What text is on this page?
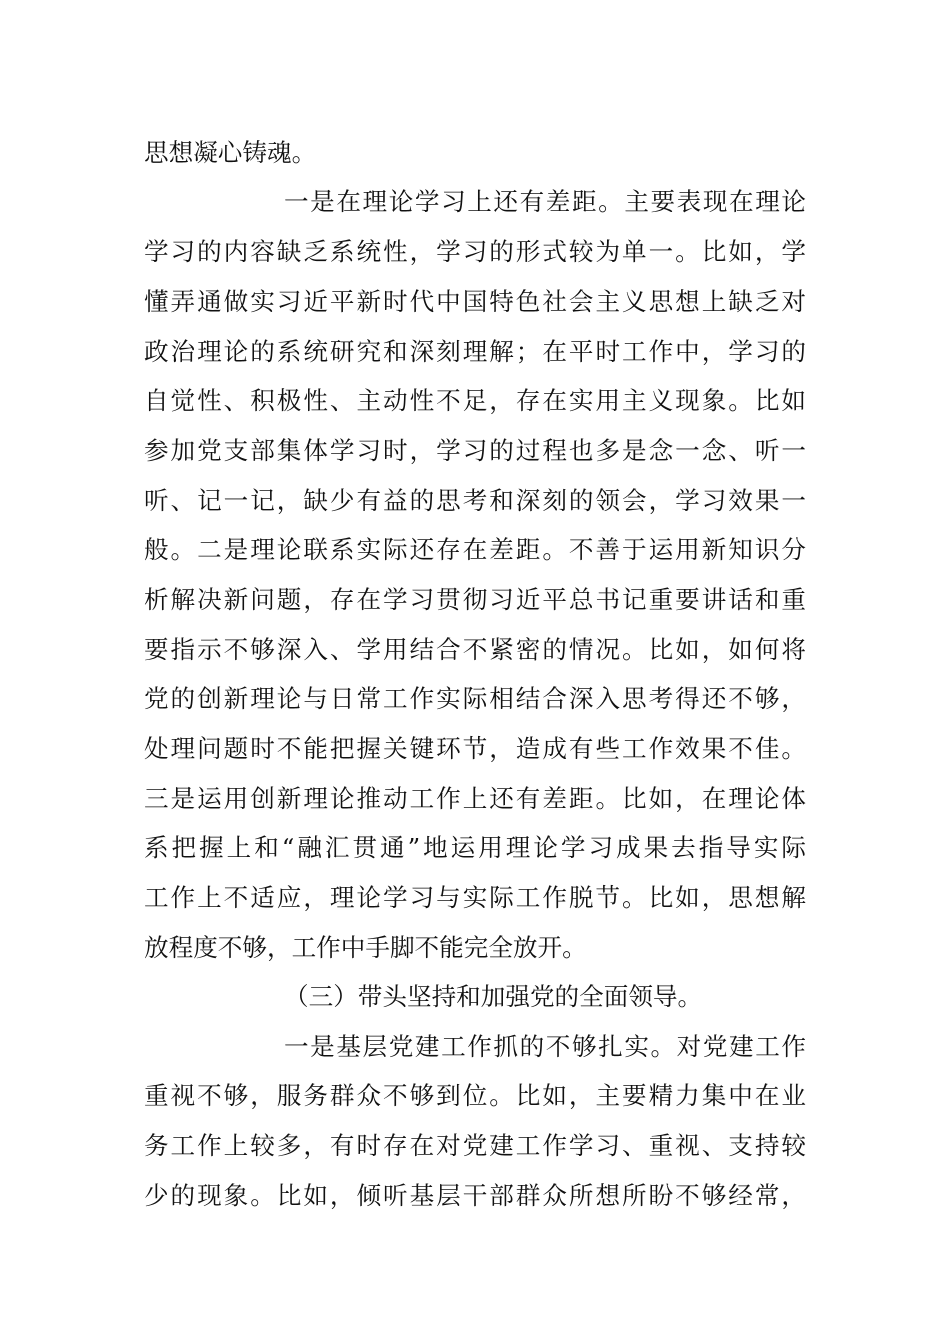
思想凝心铸魂。
一是在理论学习上还有差距。主要表现在理论
学习的内容缺乏系统性，学习的形式较为单一。比如，学
懂弄通做实习近平新时代中国特色社会主义思想上缺乏对
政治理论的系统研究和深刻理解；在平时工作中，学习的
自觉性、积极性、主动性不足，存在实用主义现象。比如
参加党支部集体学习时，学习的过程也多是念一念、听一
听、记一记，缺少有益的思考和深刻的领会，学习效果一
般。二是理论联系实际还存在差距。不善于运用新知识分
析解决新问题，存在学习贯彻习近平总书记重要讲话和重
要指示不够深入、学用结合不紧密的情况。比如，如何将
党的创新理论与日常工作实际相结合深入思考得还不够，
处理问题时不能把握关键环节，造成有些工作效果不佳。
三是运用创新理论推动工作上还有差距。比如，在理论体
系把握上和“融汇贯通”地运用理论学习成果去指导实际
工作上不适应，理论学习与实际工作脱节。比如，思想解
放程度不够，工作中手脚不能完全放开。
（三）带头坚持和加强党的全面领导。
一是基层党建工作抓的不够扎实。对党建工作
重视不够，服务群众不够到位。比如，主要精力集中在业
务工作上较多，有时存在对党建工作学习、重视、支持较
少的现象。比如，倾听基层干部群众所想所盼不够经常，
